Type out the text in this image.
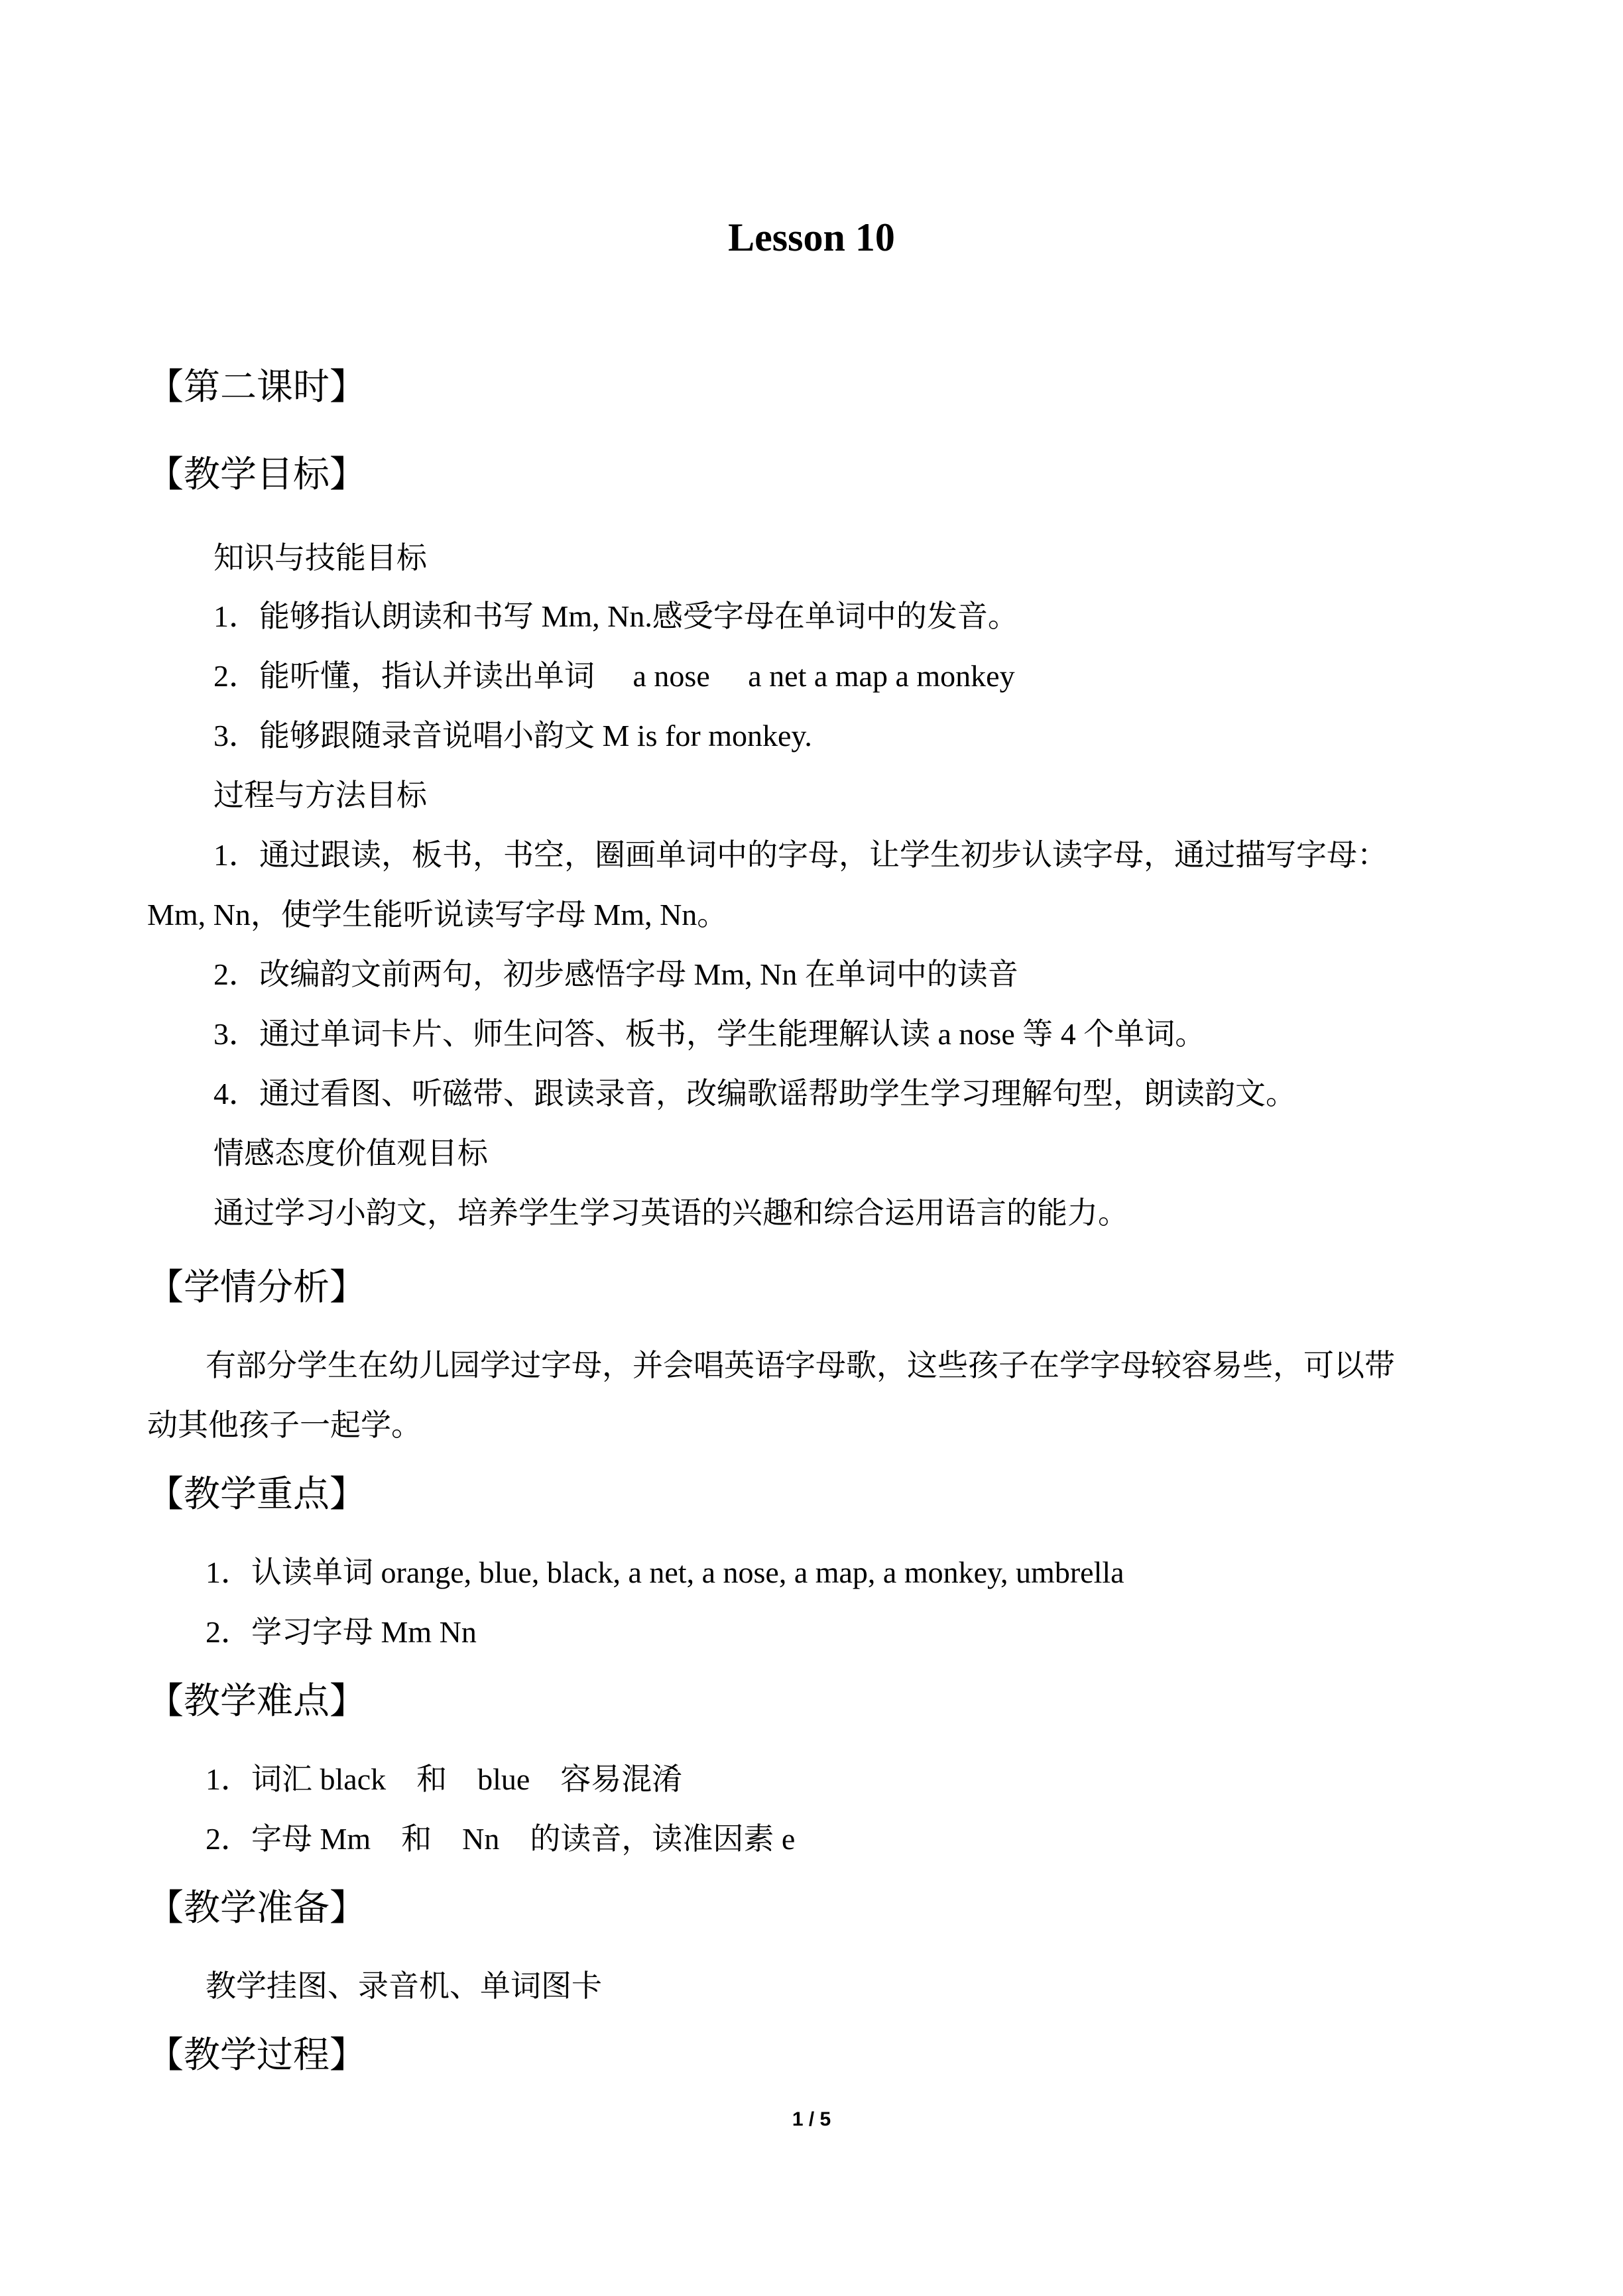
Lesson 10
【第二课时】
【教学目标】
知识与技能目标
1．能够指认朗读和书写 Mm, Nn.感受字母在单词中的发音。
2．能听懂，指认并读出单词　 a nose　 a net a map a monkey
3．能够跟随录音说唱小韵文 M is for monkey.
过程与方法目标
1．通过跟读，板书，书空，圈画单词中的字母，让学生初步认读字母，通过描写字母：
Mm, Nn，使学生能听说读写字母 Mm, Nn。
2．改编韵文前两句，初步感悟字母 Mm, Nn 在单词中的读音
3．通过单词卡片、师生问答、板书，学生能理解认读 a nose 等 4 个单词。
4．通过看图、听磁带、跟读录音，改编歌谣帮助学生学习理解句型，朗读韵文。
情感态度价值观目标
通过学习小韵文，培养学生学习英语的兴趣和综合运用语言的能力。
【学情分析】
有部分学生在幼儿园学过字母，并会唱英语字母歌，这些孩子在学字母较容易些，可以带
动其他孩子一起学。
【教学重点】
1．认读单词 orange, blue, black, a net, a nose, a map, a monkey, umbrella
2．学习字母 Mm Nn
【教学难点】
1．词汇 black　和　blue　容易混淆
2．字母 Mm　和　Nn　的读音，读准因素 e
【教学准备】
教学挂图、录音机、单词图卡
【教学过程】
1 / 5
